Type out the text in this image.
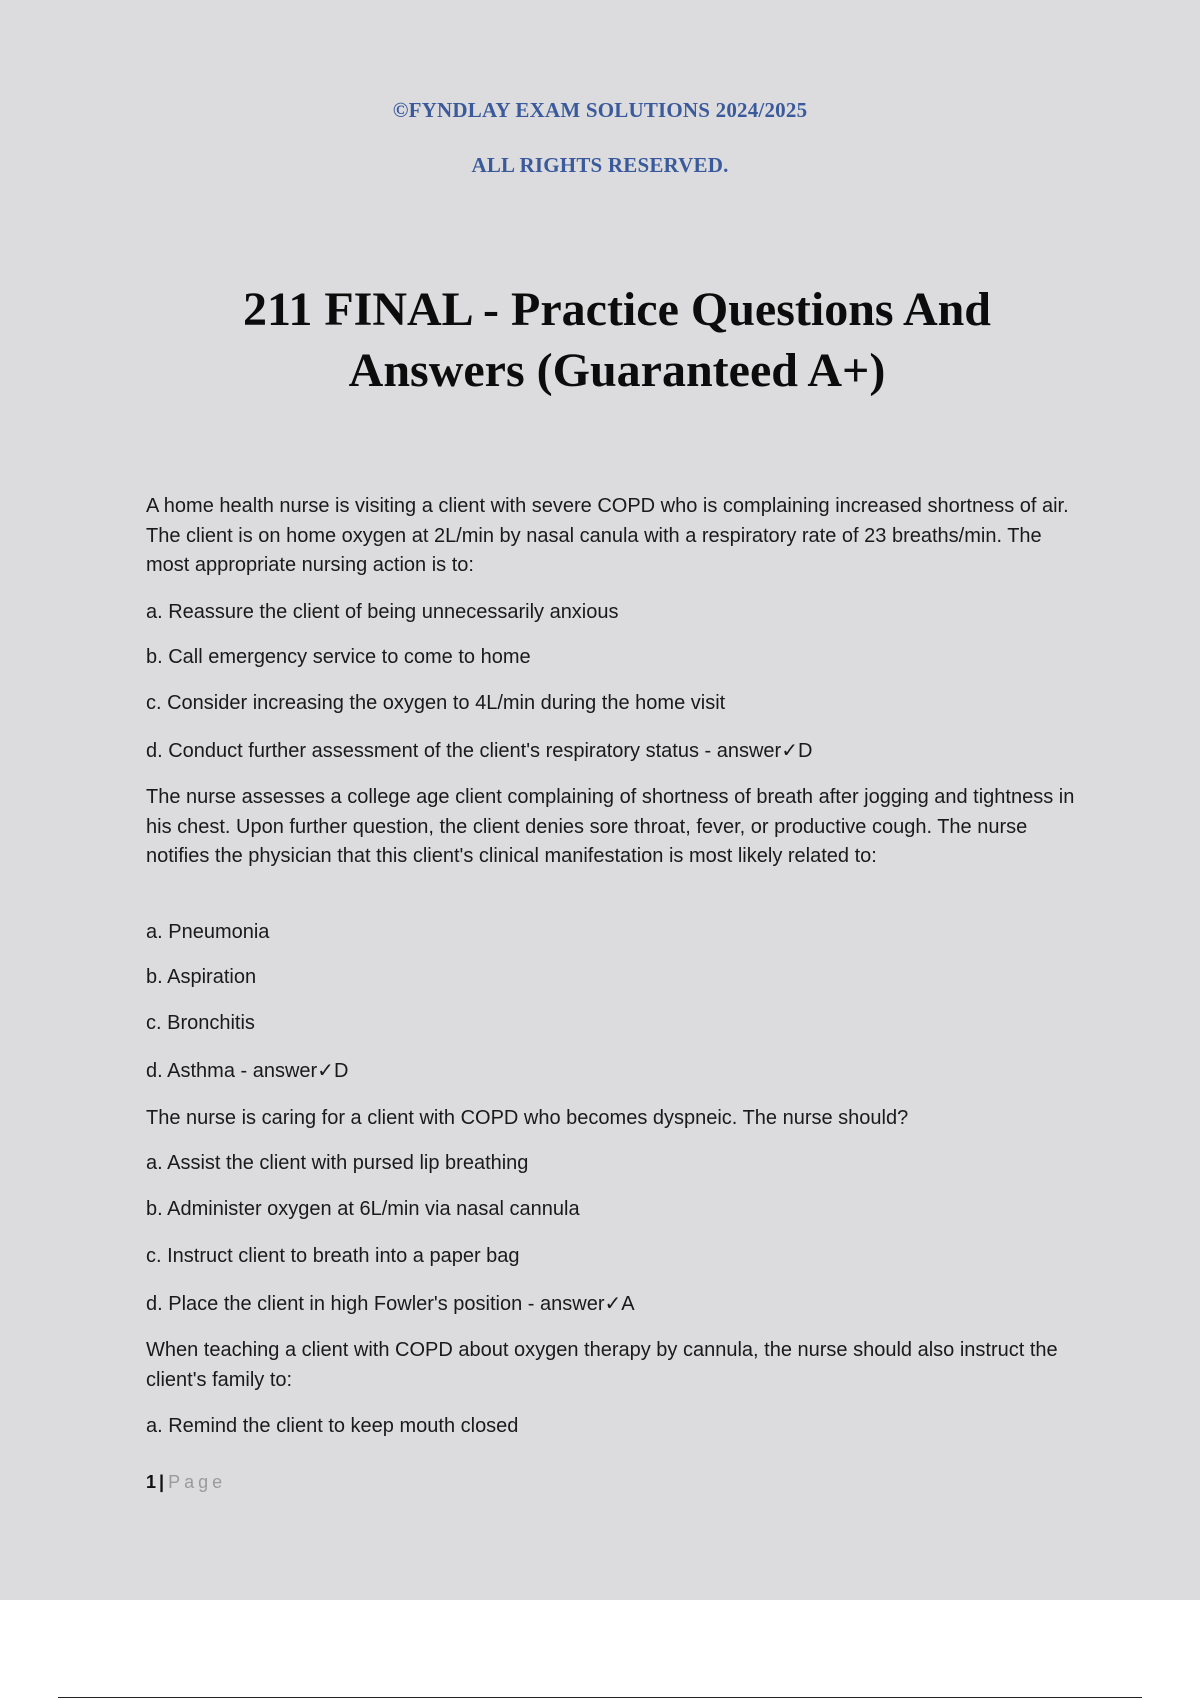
©FYNDLAY EXAM SOLUTIONS 2024/2025
ALL RIGHTS RESERVED.
211 FINAL - Practice Questions And
Answers (Guaranteed A+)
A home health nurse is visiting a client with severe COPD who is complaining increased shortness of air. The client is on home oxygen at 2L/min by nasal canula with a respiratory rate of 23 breaths/min. The most appropriate nursing action is to:
a. Reassure the client of being unnecessarily anxious
b. Call emergency service to come to home
c. Consider increasing the oxygen to 4L/min during the home visit
d. Conduct further assessment of the client's respiratory status - answer✓D
The nurse assesses a college age client complaining of shortness of breath after jogging and tightness in his chest. Upon further question, the client denies sore throat, fever, or productive cough. The nurse notifies the physician that this client's clinical manifestation is most likely related to:
a. Pneumonia
b. Aspiration
c. Bronchitis
d. Asthma - answer✓D
The nurse is caring for a client with COPD who becomes dyspneic. The nurse should?
a. Assist the client with pursed lip breathing
b. Administer oxygen at 6L/min via nasal cannula
c. Instruct client to breath into a paper bag
d. Place the client in high Fowler's position - answer✓A
When teaching a client with COPD about oxygen therapy by cannula, the nurse should also instruct the client's family to:
a. Remind the client to keep mouth closed
1 | Page
